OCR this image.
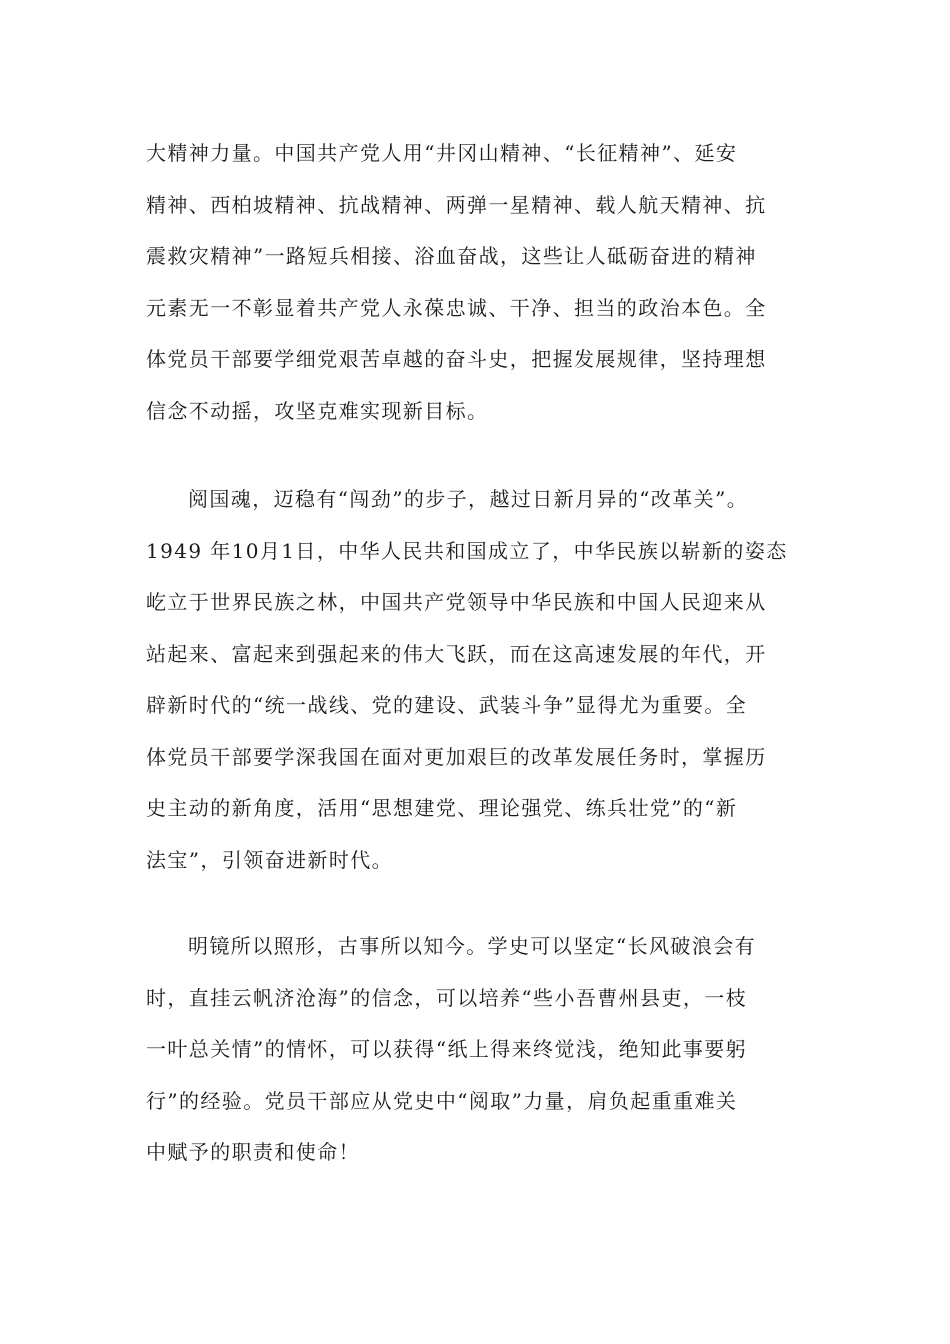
大精神力量。中国共产党人用“井冈山精神、“长征精神”、延安
精神、西柏坡精神、抗战精神、两弹一星精神、载人航天精神、抗
震救灾精神”一路短兵相接、浴血奋战，这些让人砥砺奋进的精神
元素无一不彰显着共产党人永葆忠诚、干净、担当的政治本色。全
体党员干部要学细党艰苦卓越的奋斗史，把握发展规律，坚持理想
信念不动摇，攻坚克难实现新目标。
阅国魂，迈稳有“闯劲”的步子，越过日新月异的“改革关”。
1949 年10月1日，中华人民共和国成立了，中华民族以崭新的姿态
屹立于世界民族之林，中国共产党领导中华民族和中国人民迎来从
站起来、富起来到强起来的伟大飞跃，而在这高速发展的年代，开
辟新时代的“统一战线、党的建设、武装斗争”显得尤为重要。全
体党员干部要学深我国在面对更加艰巨的改革发展任务时，掌握历
史主动的新角度，活用“思想建党、理论强党、练兵壮党”的“新
法宝”，引领奋进新时代。
明镜所以照形，古事所以知今。学史可以坚定“长风破浪会有
时，直挂云帆济沧海”的信念，可以培养“些小吾曹州县吏，一枝
一叶总关情”的情怀，可以获得“纸上得来终觉浅，绝知此事要躬
行”的经验。党员干部应从党史中“阅取”力量，肩负起重重难关
中赋予的职责和使命！
